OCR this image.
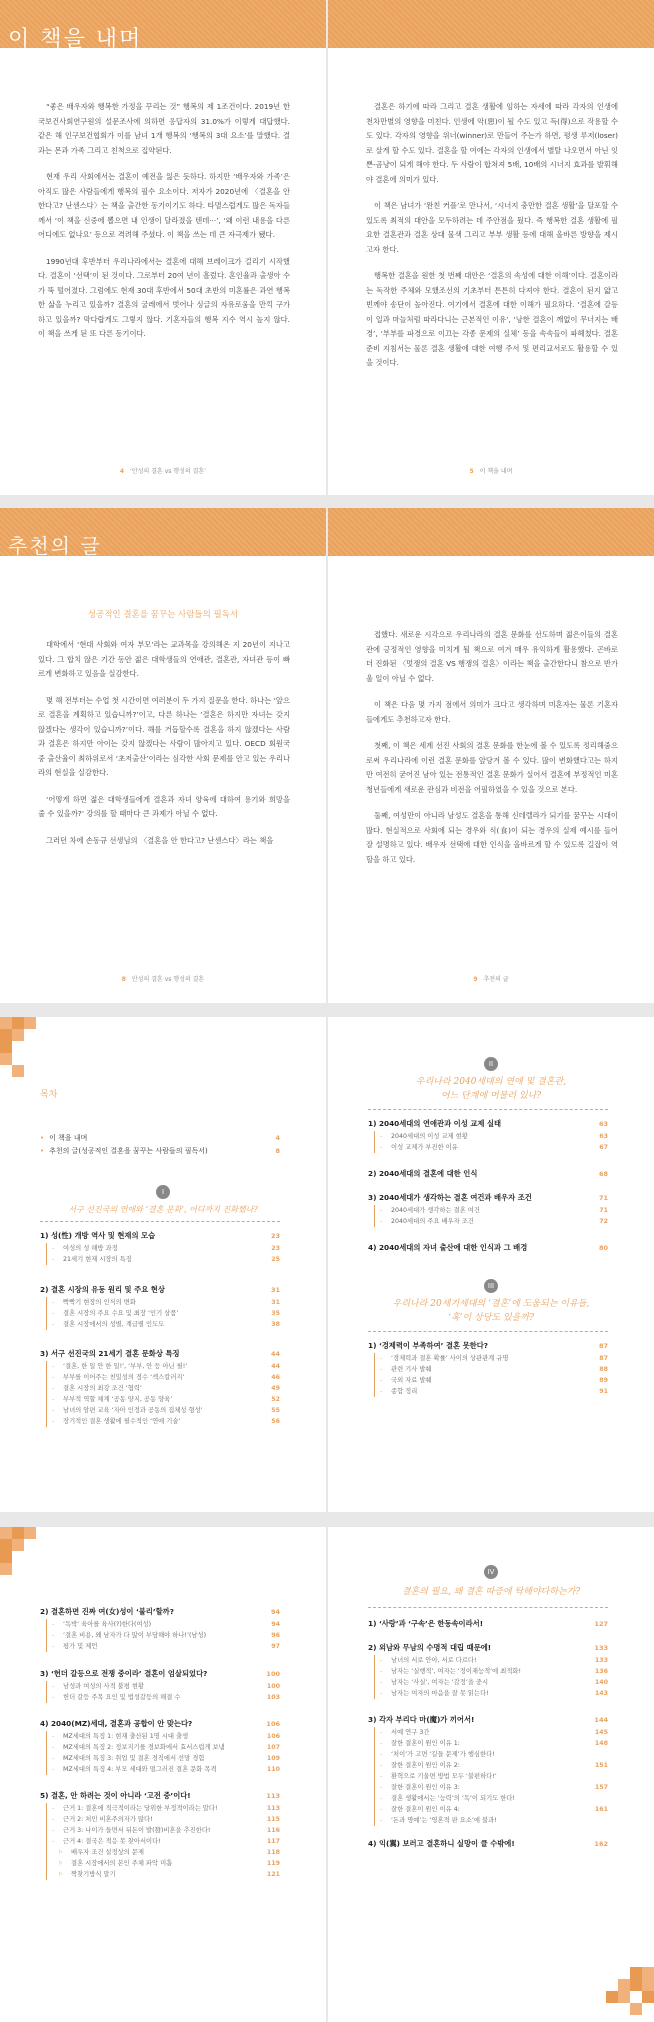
이 책을 내며

“좋은 배우자와 행복한 가정을 꾸리는 것” 행복의 제 1조건이다. 2019년 한국보건사회연구원의 설문조사에 의하면 응답자의 31.0%가 이렇게 대답했다. 같은 해 인구보건협회가 이를 남녀 1개 행복의 ‘행복의 3대 요소’를 말했다. 결과는 몬과 가족 그리고 친척으로 집약된다.

현재 우리 사회에서는 결혼이 예전을 잃은 듯하다. 하지만 ‘배우자와 가족’은 아직도 많은 사람들에게 행복의 필수 요소이다. 저자가 2020년에 〈결혼을 안 한다고? 난센스다〉는 책을 출간한 동기이기도 하다. 타멸스럽게도 많은 독자들께서 ‘이 책을 신중에 뽑으면 내 인생이 달라졌을 텐데···’, ‘왜 이런 내용을 다른 어디에도 없나요’ 등으로 격려해 주셨다. 이 책을 쓰는 데 큰 자극제가 됐다.

1990년대 후반부터 우리나라에서는 결혼에 대해 브레이크가 걸리기 시작했다. 결혼이 ‘선택’이 된 것이다. 그로부터 20여 년이 흘렀다. 혼인율과 출생아 수가 뚝 떨어졌다. 그럼에도 현재 30대 후반에서 50대 초반의 미혼률은 과연 행복한 삶을 누리고 있을까? 결혼의 굴레에서 벗어나 싱글의 자유로움을 만끽 구가하고 있을까? 막다랍게도 그렇지 않다. 기혼자들의 행복 지수 역시 높지 않다. 이 책을 쓰게 된 또 다른 동기이다.

4 ‘안성의 결혼 vs 행성의 결혼’

결혼은 하기에 따라 그리고 결혼 생활에 임하는 자세에 따라 각자의 인생에 천차만별의 영향을 미친다. 인생에 악(惡)이 될 수도 있고 득(得)으로 작용할 수도 있다. 각자의 영향을 위너(winner)로 만들어 주는가 하면, 평생 루저(loser)로 살게 할 수도 있다. 결혼을 할 여에는 각자의 인생에서 별탈 나오면서 아닌 잇쁜-곰냥이 되게 해야 한다. 두 사람이 합쳐져 5배, 10배의 시너지 효과를 발휘해야 결혼에 의미가 있다.

이 책은 남녀가 ‘완친 커플’로 만나서, ‘시너지 충만한 결혼 생활’을 달포할 수 있도록 최적의 대안을 모두하려는 데 주안점을 뒀다. 즉 행복한 결혼 생활에 필요한 결혼관과 결혼 상대 물색 그리고 부부 생활 등에 대해 올바른 방향을 제시고자 한다.

행복한 결혼을 원한 첫 번째 대안은 ‘결혼의 속성에 대한 이해’이다. 결혼이라는 독작한 주체와 모했조선의 기초부터 튼튼히 다져야 한다. 결혼이 된지 얇고 빈께야 송단이 높아진다. 여기에서 결혼에 대한 이해가 필요하다. ‘결혼에 갈등이 일과 마늘처럼 따라다니는 근본적인 이유’, ‘낭한 결혼이 깨없이 무너지는 배경’, ‘부부를 파경으로 이끄는 각종 문제의 실체’ 등을 속속들이 파헤쳤다. 결혼 준비 지침서는 물론 결혼 생활에 대한 여행 주서 및 편리교서로도 활용할 수 있을 것이다.

5 이 책을 내며
추천의 글
성공적인 결혼을 꿈꾸는 사람들의 필독서

대학에서 ‘현대 사회와 여자 부모’라는 교과목을 강의해온 지 20년이 지나고 있다. 그 합치 않은 기간 동안 젊은 대학생들의 연애관, 결혼관, 자녀관 등이 빠르게 변화하고 있음을 실감한다.

몇 해 전부터는 수업 첫 시간이면 여러분이 두 가지 질문을 한다. 하나는 ‘앞으로 결혼을 계획하고 있습니까?’이고, 다른 하나는 ‘결혼은 하지만 자녀는 갖지 않겠다는 생각이 있습니까?’이다. 해를 거듭할수록 결혼을 하지 않겠다는 사람과 결혼은 하지만 아이는 갖지 않겠다는 사람이 많아지고 있다. OECD 회원국 중 출산율이 최하위로서 ‘초저출산’이라는 심각한 사회 문제를 안고 있는 우리나라의 현실을 실감한다.

‘어떻게 하면 젊은 대학생들에게 결혼과 자녀 양육에 대하여 용기와 희망을 줄 수 있을까?’ 강의를 할 때마다 큰 과제가 아닐 수 없다.

그러던 차에 손동규 선생님의 〈결혼을 안 한다고? 난센스다〉라는 책을

8 안성의 결혼 vs 행성의 결혼

접했다. 새로운 시각으로 우리나라의 결혼 문화를 선도하며 젊은이들의 결혼관에 긍정적인 영향을 미치게 될 책으로 여겨 매우 유익하게 활용했다. 곤바로 더 진화된 〈멋쟁의 결혼 VS 행쟁의 결혼〉이라는 책을 출간한다니 참으로 반가울 일이 아닐 수 없다.

이 책은 다음 몇 가지 점에서 의미가 크다고 생각하며 미혼자는 물론 기혼자들에게도 추천하고자 한다.

첫째, 이 책은 세계 선진 사회의 결혼 문화를 한눈에 볼 수 있도록 정리해줌으로써 우리나라에 이런 결혼 문화를 앞당겨 볼 수 있다. 많이 변화했다고는 하지만 여전히 굳어진 남아 있는 전통적인 결혼 문화가 실어서 결혼에 부정적인 미혼 청년들에게 새로운 관심과 비전을 어필하였을 수 있을 것으로 본다.

둘째, 여성만이 아니라 남성도 결혼을 통해 신데렐라가 되기를 꿈꾸는 시대이 많다. 현실적으로 사회에 되는 경우와 식(食)이 되는 경우의 실제 예시를 들어 잘 설명하고 있다. 배우자 선택에 대한 인식을 올바르게 할 수 있도록 길잡이 역할을 하고 있다.

9 추천의 글
목차
• 이 책을 내며	4
• 추천의 글(성공적인 결혼을 꿈꾸는 사람들의 필독서)	8
I
서구 선진국의 연애와 ‘결혼 문화’, 어디까지 진화했나?
1) 성(性) 개방 역사 및 현재의 모습	23
- 여성의 성 해방 과정	23
- 21세기 현재 시장의 특징	25
2) 결혼 시장의 유동 원리 및 주요 현상	31
- 빡빡기 현장의 인식의 변화	31
- 결혼 시장의 주요 수요 및 최장 ‘인기 상품’	35
- 결혼 시장에서의 성별, 계급별 인도도	38
3) 서구 선진국의 21세기 결혼 문화상 특징	44
- ‘결혼, 한 일 안 한 일!’, ‘부부, 안 등 아닌 필!’	44
- 부부를 이어주는 친밀성의 정수 ‘섹스칼러지’	46
- 결혼 시장의 최강 조건 ‘협력’	49
- 부부적 역할 체계 ‘공동 양지, 공동 양육’	52
- 남녀의 암편 교육 ‘자아 인정과 공동의 집체성 형성’	55
- 장기적인 결혼 생활에 필수적인 ‘연애 기술’	56
II
우리나라 2040세대의 연애 및 결혼관,
어느 단계에 머물러 있나?
1) 2040세대의 연애관과 이성 교제 실태	63
- 2040세대의 이성 교제 현황	63
- 이성 교제가 부진한 이유	67
2) 2040세대의 결혼에 대한 인식	68
3) 2040세대가 생각하는 결혼 여건과 배우자 조건	71
- 2040세대가 생각하는 결혼 여건	71
- 2040세대의 주요 배우자 조건	72
4) 2040세대의 자녀 출산에 대한 인식과 그 배경	80
III
우리나라 20세기세대의 ‘결혼’에 도움되는 이유들,
‘혹’이 상당도 있을까?
1) ‘경제력이 부족하여’ 결혼 못한다?	87
- ‘경제력과 결혼 확률’ 사이의 상관관계 규명	87
- 관련 기사 발췌	88
- 국외 자료 발췌	89
- 종합 정리	91
2) 결혼하면 진짜 여(女)성이 ‘불리’할까?	94
- ‘독박’ 육아를 육사(?)한다(여성)	94
- ‘결혼 비용, 왜 남자가 다 많이 부담해야 하나!’(남성)	96
- 평가 및 제언	97
3) ‘헌더 갈등으로 전쟁 중이라’ 결혼이 엄살되었다?	100
- 남성과 여성의 사적 불평 현황	100
- 헌더 갈등 주목 요인 및 법성갈등의 해결 수	103
4) 2040(MZ)세대, 결혼과 공합이 안 맞는다?	106
- MZ세대의 특징 1: 현재 출산된 1명 시대 출생	106
- MZ세대의 특징 2: 정보지기를 경보화에서 효서스럽게 보냄	107
- MZ세대의 특징 3: 취업 및 결혼 경직에서 선망 경험	109
- MZ세대의 특징 4: 부모 세대와 멀그러진 결혼 문화 목격	110
5) 결혼, 안 하려는 것이 아니라 ‘고전 중’이다!	113
- 근거 1: 결혼에 적극적이라는 당위한 부정적이라는 말다!	113
- 근거 2: 처민 비혼주의자가 많다!	115
- 근거 3: 나이가 들면서 뒤돈이 발(發)비혼을 추진한다!	116
- 근거 4: 결국은 적응 못 찾아서이다!	117
▷ 배우자 조건 설정상의 문제	118
▷ 결혼 시장에서의 본인 주체 파악 미흡	119
▷ 짝찾기방식 말기	121
IV
결혼의 필요, 왜 결혼 따증에 탁해야다하는가?
1) ‘사랑’과 ‘구속’은 한동속이라서!	127
2) 외남와 무남의 수명적 대립 때문에!	133
- 남녀의 서로 안아, 서로 다르다!	133
- 남자는 ‘실행적’, 여자는 ‘정이재능적’에 최적화!	136
- 남자는 ‘사실’, 여자는 ‘감정’을 중시	140
- 남자는 여자의 마음을 잘 못 읽는다!	143
3) 각자 부리다 마(魔)가 끼어서!	144
- 서예 연구 3간	145
- 잘한 결혼이 원인 이유 1:	148
- ‘처이’가 고면 ‘길들 문제’가 행심한다!
- 잘한 결혼이 원인 이유 2:	151
- 환혁으로 기울면 방법 모두 ‘불편하다!’
- 잘한 결혼이 원인 이유 3:	157
- 결혼 생활에서는 ‘능력’의 ‘독’이 되기도 한다!
- 잘한 결혼이 원인 이유 4:	161
- ‘돈과 명예’는 ‘영혼적 판 요소’에 불과!
4) 익(翼) 보러고 결혼하니 실망이 클 수밖에!	162
